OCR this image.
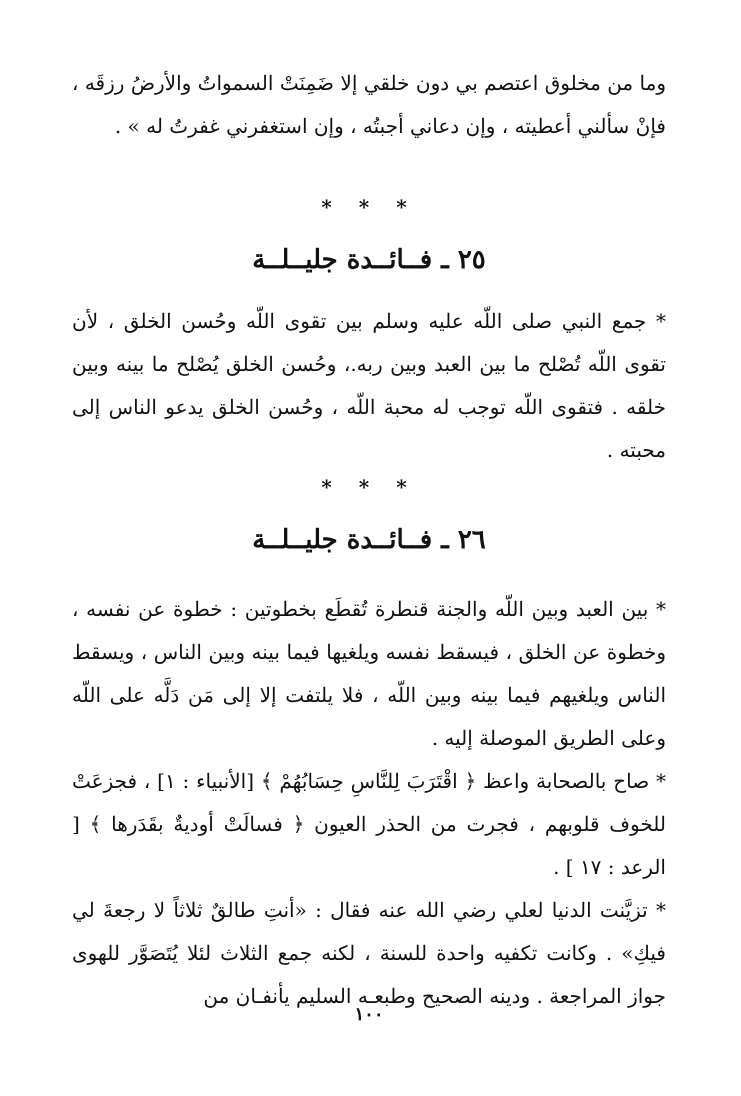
وما من مخلوق اعتصم بي دون خلقي إلا ضَمِنَتْ السمواتُ والأرضُ رزقَه ، فإنْ سألني أعطيته ، وإن دعاني أجبتُه ، وإن استغفرني غفرتُ له » .

* * *

٢٥ ـ فــائــدة جليــلــة

* جمع النبي صلى اللّه عليه وسلم بين تقوى اللّه وحُسن الخلق ، لأن تقوى اللّه تُصْلح ما بين العبد وبين ربه.، وحُسن الخلق يُصْلح ما بينه وبين خلقه . فتقوى اللّه توجب له محبة اللّه ، وحُسن الخلق يدعو الناس إلى محبته .

* * *

٢٦ ـ فــائــدة جليــلــة

* بين العبد وبين اللّه والجنة قنطرة تُقطَع بخطوتين : خطوة عن نفسه ، وخطوة عن الخلق ، فيسقط نفسه ويلغيها فيما بينه وبين الناس ، ويسقط الناس ويلغيهم فيما بينه وبين اللّه ، فلا يلتفت إلا إلى مَن دَلَّه على اللّه وعلى الطريق الموصلة إليه .

* صاح بالصحابة واعظ ﴿ اقْتَرَبَ لِلنَّاسِ حِسَابُهُمْ ﴾ [الأنبياء : ١] ، فجزعَتْ للخوف قلوبهم ، فجرت من الحذر العيون ﴿ فسالَتْ أوديةٌ بقَدَرها ﴾ [ الرعد : ١٧ ] .

* تزيَّنت الدنيا لعلي رضي الله عنه فقال : «أنتِ طالقٌ ثلاثاً لا رجعةَ لي فيكِ» . وكانت تكفيه واحدة للسنة ، لكنه جمع الثلاث لئلا يُتَصَوَّر للهوى جواز المراجعة . ودينه الصحيح وطبعـه السليم يأنفـان من

١٠٠
